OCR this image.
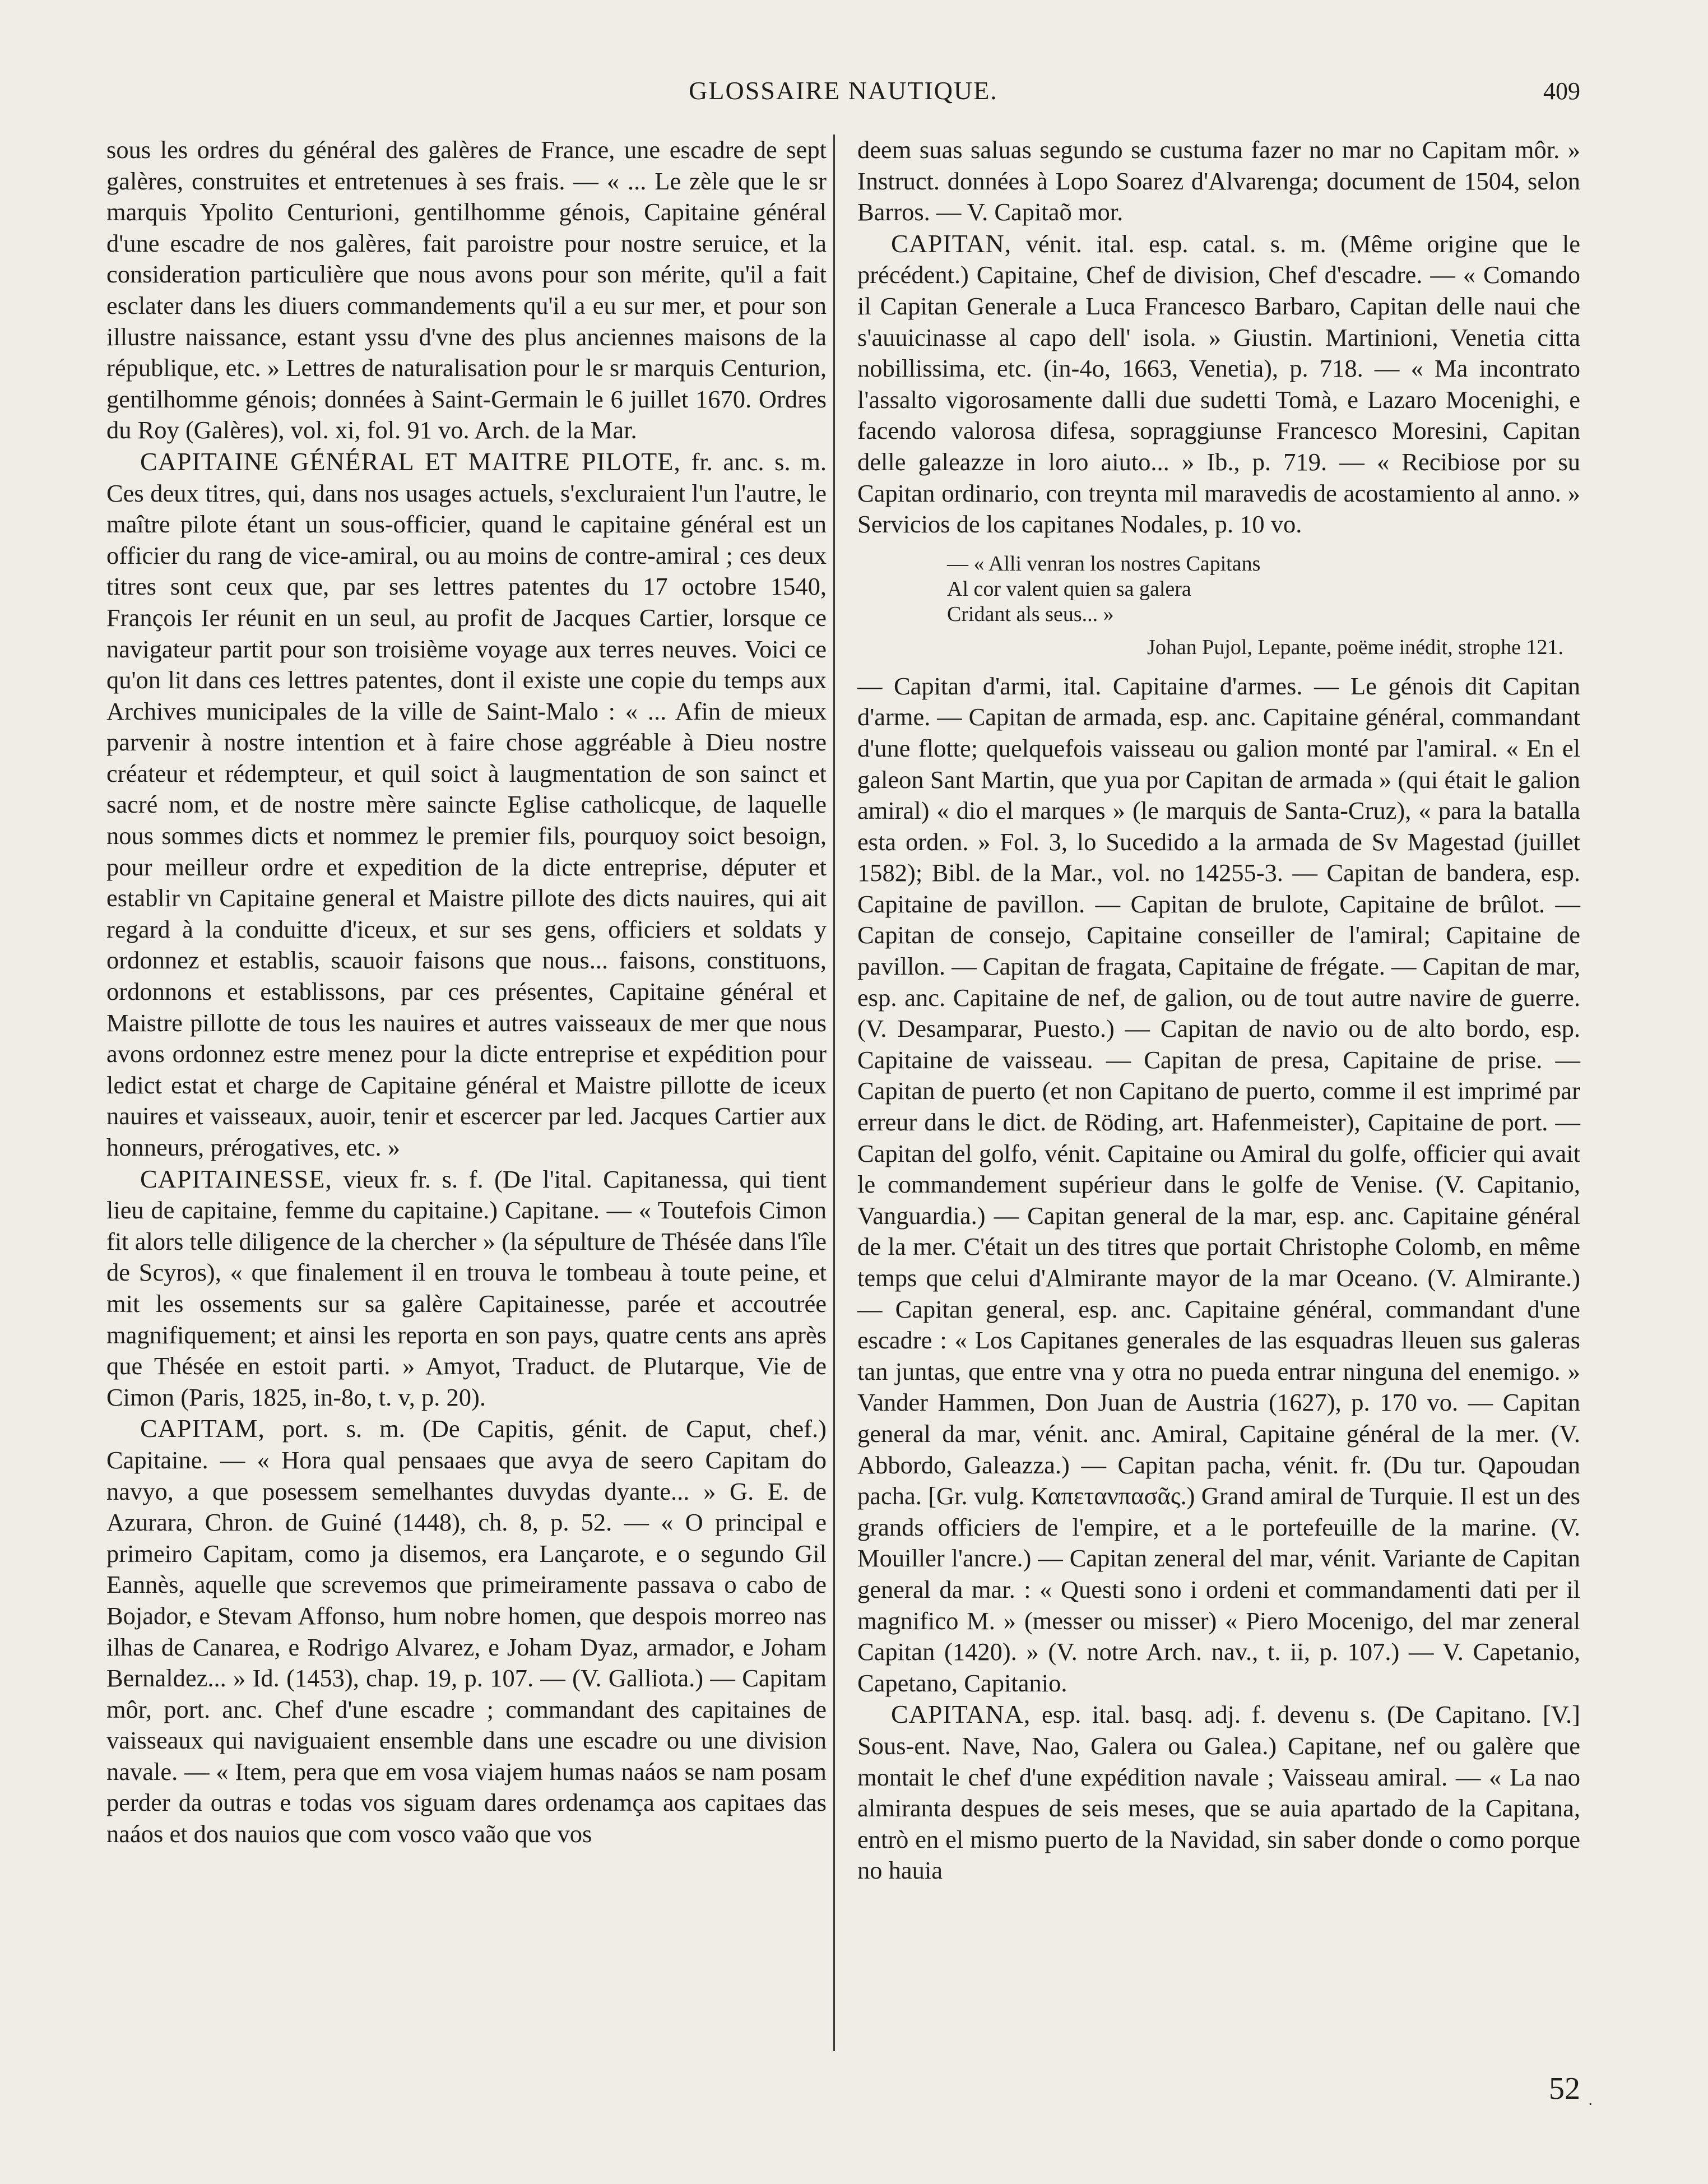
GLOSSAIRE NAUTIQUE.	409

sous les ordres du général des galères de France, une escadre de sept galères, construites et entretenues à ses frais. — « ... Le zèle que le sr marquis Ypolito Centurioni, gentilhomme génois, Capitaine général d'une escadre de nos galères, fait paroistre pour nostre seruice, et la consideration particulière que nous avons pour son mérite, qu'il a fait esclater dans les diuers commandements qu'il a eu sur mer, et pour son illustre naissance, estant yssu d'vne des plus anciennes maisons de la république, etc. » Lettres de naturalisation pour le sr marquis Centurion, gentilhomme génois; données à Saint-Germain le 6 juillet 1670. Ordres du Roy (Galères), vol. xi, fol. 91 vo. Arch. de la Mar.

CAPITAINE GÉNÉRAL ET MAITRE PILOTE, fr. anc. s. m. Ces deux titres, qui, dans nos usages actuels, s'excluraient l'un l'autre, le maître pilote étant un sous-officier, quand le capitaine général est un officier du rang de vice-amiral, ou au moins de contre-amiral ; ces deux titres sont ceux que, par ses lettres patentes du 17 octobre 1540, François Ier réunit en un seul, au profit de Jacques Cartier, lorsque ce navigateur partit pour son troisième voyage aux terres neuves. Voici ce qu'on lit dans ces lettres patentes, dont il existe une copie du temps aux Archives municipales de la ville de Saint-Malo : « ... Afin de mieux parvenir à nostre intention et à faire chose aggréable à Dieu nostre créateur et rédempteur, et quil soict à laugmentation de son sainct et sacré nom, et de nostre mère saincte Eglise catholicque, de laquelle nous sommes dicts et nommez le premier fils, pourquoy soict besoign, pour meilleur ordre et expedition de la dicte entreprise, députer et establir vn Capitaine general et Maistre pillote des dicts nauires, qui ait regard à la conduitte d'iceux, et sur ses gens, officiers et soldats y ordonnez et establis, scauoir faisons que nous... faisons, constituons, ordonnons et establissons, par ces présentes, Capitaine général et Maistre pillotte de tous les nauires et autres vaisseaux de mer que nous avons ordonnez estre menez pour la dicte entreprise et expédition pour ledict estat et charge de Capitaine général et Maistre pillotte de iceux nauires et vaisseaux, auoir, tenir et escercer par led. Jacques Cartier aux honneurs, prérogatives, etc. »

CAPITAINESSE, vieux fr. s. f. (De l'ital. Capitanessa, qui tient lieu de capitaine, femme du capitaine.) Capitane. — « Toutefois Cimon fit alors telle diligence de la chercher » (la sépulture de Thésée dans l'île de Scyros), « que finalement il en trouva le tombeau à toute peine, et mit les ossements sur sa galère Capitainesse, parée et accoutrée magnifiquement; et ainsi les reporta en son pays, quatre cents ans après que Thésée en estoit parti. » Amyot, Traduct. de Plutarque, Vie de Cimon (Paris, 1825, in-8o, t. v, p. 20).

CAPITAM, port. s. m. (De Capitis, génit. de Caput, chef.) Capitaine. — « Hora qual pensaaes que avya de seero Capitam do navyo, a que posessem semelhantes duvydas dyante... » G. E. de Azurara, Chron. de Guiné (1448), ch. 8, p. 52. — « O principal e primeiro Capitam, como ja disemos, era Lançarote, e o segundo Gil Eannès, aquelle que screvemos que primeiramente passava o cabo de Bojador, e Stevam Affonso, hum nobre homen, que despois morreo nas ilhas de Canarea, e Rodrigo Alvarez, e Joham Dyaz, armador, e Joham Bernaldez... » Id. (1453), chap. 19, p. 107. — (V. Galliota.) — Capitam môr, port. anc. Chef d'une escadre ; commandant des capitaines de vaisseaux qui naviguaient ensemble dans une escadre ou une division navale. — « Item, pera que em vosa viajem humas naáos se nam posam perder da outras e todas vos siguam dares ordenamça aos capitaes das naáos et dos nauios que com vosco vaão que vos

deem suas saluas segundo se custuma fazer no mar no Capitam môr. » Instruct. données à Lopo Soarez d'Alvarenga; document de 1504, selon Barros. — V. Capitaõ mor.

CAPITAN, vénit. ital. esp. catal. s. m. (Même origine que le précédent.) Capitaine, Chef de division, Chef d'escadre. — « Comando il Capitan Generale a Luca Francesco Barbaro, Capitan delle naui che s'auuicinasse al capo dell' isola. » Giustin. Martinioni, Venetia citta nobillissima, etc. (in-4o, 1663, Venetia), p. 718. — « Ma incontrato l'assalto vigorosamente dalli due sudetti Tomà, e Lazaro Mocenighi, e facendo valorosa difesa, sopraggiunse Francesco Moresini, Capitan delle galeazze in loro aiuto... » Ib., p. 719. — « Recibiose por su Capitan ordinario, con treynta mil maravedis de acostamiento al anno. » Servicios de los capitanes Nodales, p. 10 vo.

— « Alli venran los nostres Capitans
Al cor valent quien sa galera
Cridant als seus... »
Johan Pujol, Lepante, poëme inédit, strophe 121.

— Capitan d'armi, ital. Capitaine d'armes. — Le génois dit Capitan d'arme. — Capitan de armada, esp. anc. Capitaine général, commandant d'une flotte; quelquefois vaisseau ou galion monté par l'amiral. « En el galeon Sant Martin, que yua por Capitan de armada » (qui était le galion amiral) « dio el marques » (le marquis de Santa-Cruz), « para la batalla esta orden. » Fol. 3, lo Sucedido a la armada de Sv Magestad (juillet 1582); Bibl. de la Mar., vol. no 14255-3. — Capitan de bandera, esp. Capitaine de pavillon. — Capitan de brulote, Capitaine de brûlot. — Capitan de consejo, Capitaine conseiller de l'amiral; Capitaine de pavillon. — Capitan de fragata, Capitaine de frégate. — Capitan de mar, esp. anc. Capitaine de nef, de galion, ou de tout autre navire de guerre. (V. Desamparar, Puesto.) — Capitan de navio ou de alto bordo, esp. Capitaine de vaisseau. — Capitan de presa, Capitaine de prise. — Capitan de puerto (et non Capitano de puerto, comme il est imprimé par erreur dans le dict. de Röding, art. Hafenmeister), Capitaine de port. — Capitan del golfo, vénit. Capitaine ou Amiral du golfe, officier qui avait le commandement supérieur dans le golfe de Venise. (V. Capitanio, Vanguardia.) — Capitan general de la mar, esp. anc. Capitaine général de la mer. C'était un des titres que portait Christophe Colomb, en même temps que celui d'Almirante mayor de la mar Oceano. (V. Almirante.) — Capitan general, esp. anc. Capitaine général, commandant d'une escadre : « Los Capitanes generales de las esquadras lleuen sus galeras tan juntas, que entre vna y otra no pueda entrar ninguna del enemigo. » Vander Hammen, Don Juan de Austria (1627), p. 170 vo. — Capitan general da mar, vénit. anc. Amiral, Capitaine général de la mer. (V. Abbordo, Galeazza.) — Capitan pacha, vénit. fr. (Du tur. Qapoudan pacha. [Gr. vulg. Καπετανπασᾶς.) Grand amiral de Turquie. Il est un des grands officiers de l'empire, et a le portefeuille de la marine. (V. Mouiller l'ancre.) — Capitan zeneral del mar, vénit. Variante de Capitan general da mar. : « Questi sono i ordeni et commandamenti dati per il magnifico M. » (messer ou misser) « Piero Mocenigo, del mar zeneral Capitan (1420). » (V. notre Arch. nav., t. ii, p. 107.) — V. Capetanio, Capetano, Capitanio.

CAPITANA, esp. ital. basq. adj. f. devenu s. (De Capitano. [V.] Sous-ent. Nave, Nao, Galera ou Galea.) Capitane, nef ou galère que montait le chef d'une expédition navale ; Vaisseau amiral. — « La nao almiranta despues de seis meses, que se auia apartado de la Capitana, entrò en el mismo puerto de la Navidad, sin saber donde o como porque no hauia

52 ·
